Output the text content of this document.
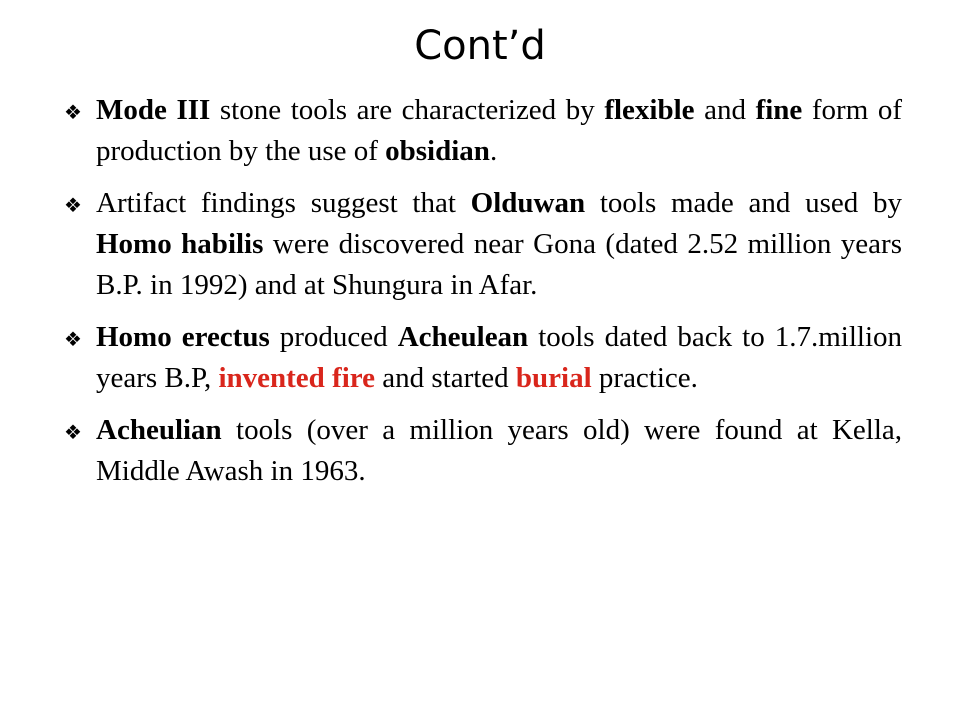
Cont’d
❖ Mode III stone tools are characterized by flexible and fine form of production by the use of obsidian.
❖ Artifact findings suggest that Olduwan tools made and used by Homo habilis were discovered near Gona (dated 2.52 million years B.P. in 1992) and at Shungura in Afar.
❖ Homo erectus produced Acheulean tools dated back to 1.7.million years B.P, invented fire and started burial practice.
❖ Acheulian tools (over a million years old) were found at Kella, Middle Awash in 1963.
